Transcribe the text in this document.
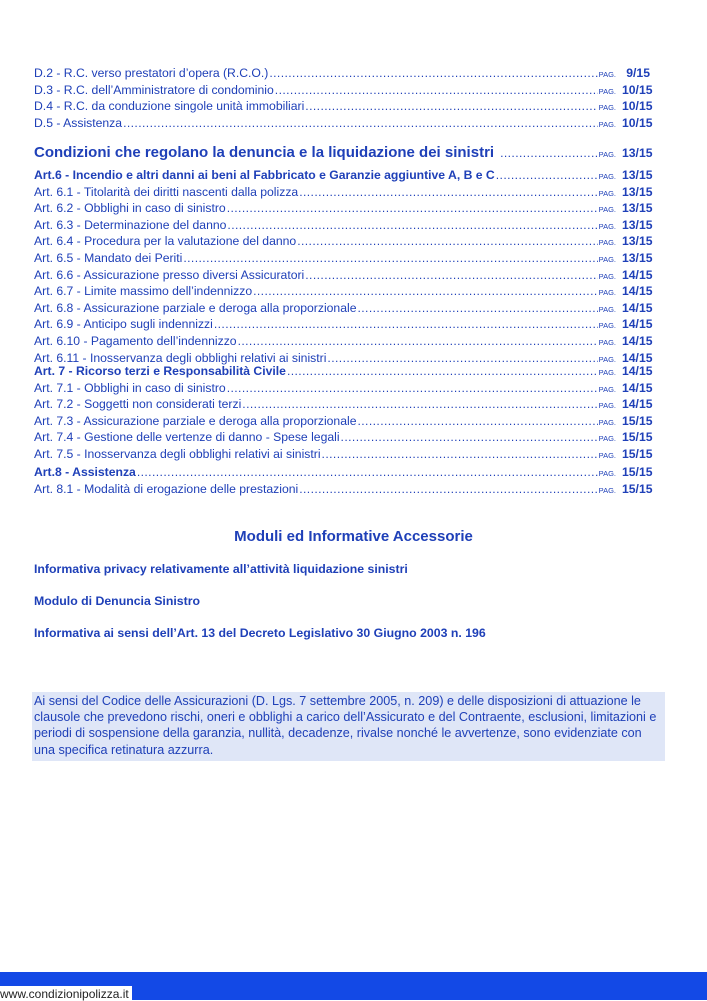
D.2 - R.C. verso prestatori d’opera (R.C.O.) .....	PAG. 9/15
D.3 - R.C. dell’Amministratore di condominio .....	PAG. 10/15
D.4 - R.C. da conduzione singole unità immobiliari .....	PAG. 10/15
D.5 - Assistenza .....	PAG. 10/15
Condizioni che regolano la denuncia e la liquidazione dei sinistri .....	PAG. 13/15
Art.6 - Incendio e altri danni ai beni al Fabbricato e Garanzie aggiuntive A, B e C .....	PAG. 13/15
Art. 6.1 - Titolarità dei diritti nascenti dalla polizza .....	PAG. 13/15
Art. 6.2 - Obblighi in caso di sinistro .....	PAG. 13/15
Art. 6.3 - Determinazione del danno .....	PAG. 13/15
Art. 6.4 - Procedura per la valutazione del danno .....	PAG. 13/15
Art. 6.5 - Mandato dei Periti .....	PAG. 13/15
Art. 6.6 - Assicurazione presso diversi Assicuratori .....	PAG. 14/15
Art. 6.7 - Limite massimo dell’indennizzo .....	PAG. 14/15
Art. 6.8 - Assicurazione parziale e deroga alla proporzionale .....	PAG. 14/15
Art. 6.9 - Anticipo sugli indennizzi .....	PAG. 14/15
Art. 6.10 - Pagamento dell’indennizzo .....	PAG. 14/15
Art. 6.11 - Inosservanza degli obblighi relativi ai sinistri .....	PAG. 14/15
Art. 7 - Ricorso terzi e Responsabilità Civile .....	PAG. 14/15
Art. 7.1 - Obblighi in caso di sinistro .....	PAG. 14/15
Art. 7.2 - Soggetti non considerati terzi .....	PAG. 14/15
Art. 7.3 - Assicurazione parziale e deroga alla proporzionale .....	PAG. 15/15
Art. 7.4 - Gestione delle vertenze di danno - Spese legali .....	PAG. 15/15
Art. 7.5 - Inosservanza degli obblighi relativi ai sinistri .....	PAG. 15/15
Art.8 - Assistenza .....	PAG. 15/15
Art. 8.1 - Modalità di erogazione delle prestazioni .....	PAG. 15/15
Moduli ed Informative Accessorie
Informativa privacy relativamente all’attività liquidazione sinistri
Modulo di Denuncia Sinistro
Informativa ai sensi dell’Art. 13 del Decreto Legislativo 30 Giugno 2003 n. 196
Ai sensi del Codice delle Assicurazioni (D. Lgs. 7 settembre 2005, n. 209) e delle disposizioni di attuazione le clausole che prevedono rischi, oneri e obblighi a carico dell’Assicurato e del Contraente, esclusioni, limitazioni e periodi di sospensione della garanzia, nullità, decadenze, rivalse nonché le avvertenze, sono evidenziate con una specifica retinatura azzurra.
www.condizionipolizza.it
